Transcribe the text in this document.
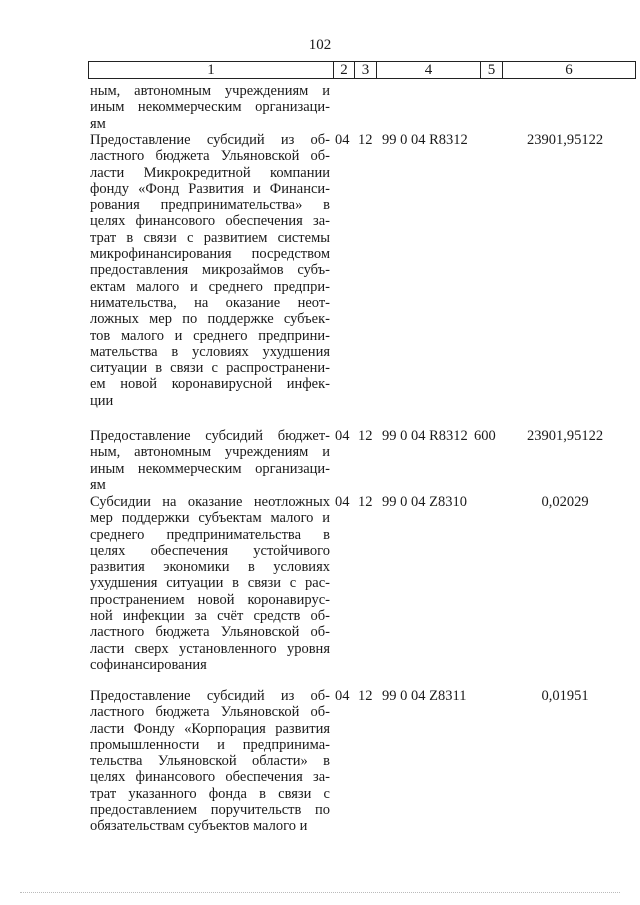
102
1	2 3	4	5	6
ным, автономным учреждениям и
иным некоммерческим организаци-
ям
Предоставление субсидий из об-
ластного бюджета Ульяновской об-
ласти Микрокредитной компании
фонду «Фонд Развития и Финанси-
рования предпринимательства» в
целях финансового обеспечения за-
трат в связи с развитием системы
микрофинансирования посредством
предоставления микрозаймов субъ-
ектам малого и среднего предпри-
нимательства, на оказание неот-
ложных мер по поддержке субъек-
тов малого и среднего предприни-
мательства в условиях ухудшения
ситуации в связи с распространени-
ем новой коронавирусной инфек-
ции
04 12 99 0 04 R8312	23901,95122
Предоставление субсидий бюджет-
ным, автономным учреждениям и
иным некоммерческим организаци-
ям
04 12 99 0 04 R8312 600	23901,95122
Субсидии на оказание неотложных
мер поддержки субъектам малого и
среднего предпринимательства в
целях обеспечения устойчивого
развития экономики в условиях
ухудшения ситуации в связи с рас-
пространением новой коронавирус-
ной инфекции за счёт средств об-
ластного бюджета Ульяновской об-
ласти сверх установленного уровня
софинансирования
04 12 99 0 04 Z8310	0,02029
Предоставление субсидий из об-
ластного бюджета Ульяновской об-
ласти Фонду «Корпорация развития
промышленности и предпринима-
тельства Ульяновской области» в
целях финансового обеспечения за-
трат указанного фонда в связи с
предоставлением поручительств по
обязательствам субъектов малого и
04 12 99 0 04 Z8311	0,01951
